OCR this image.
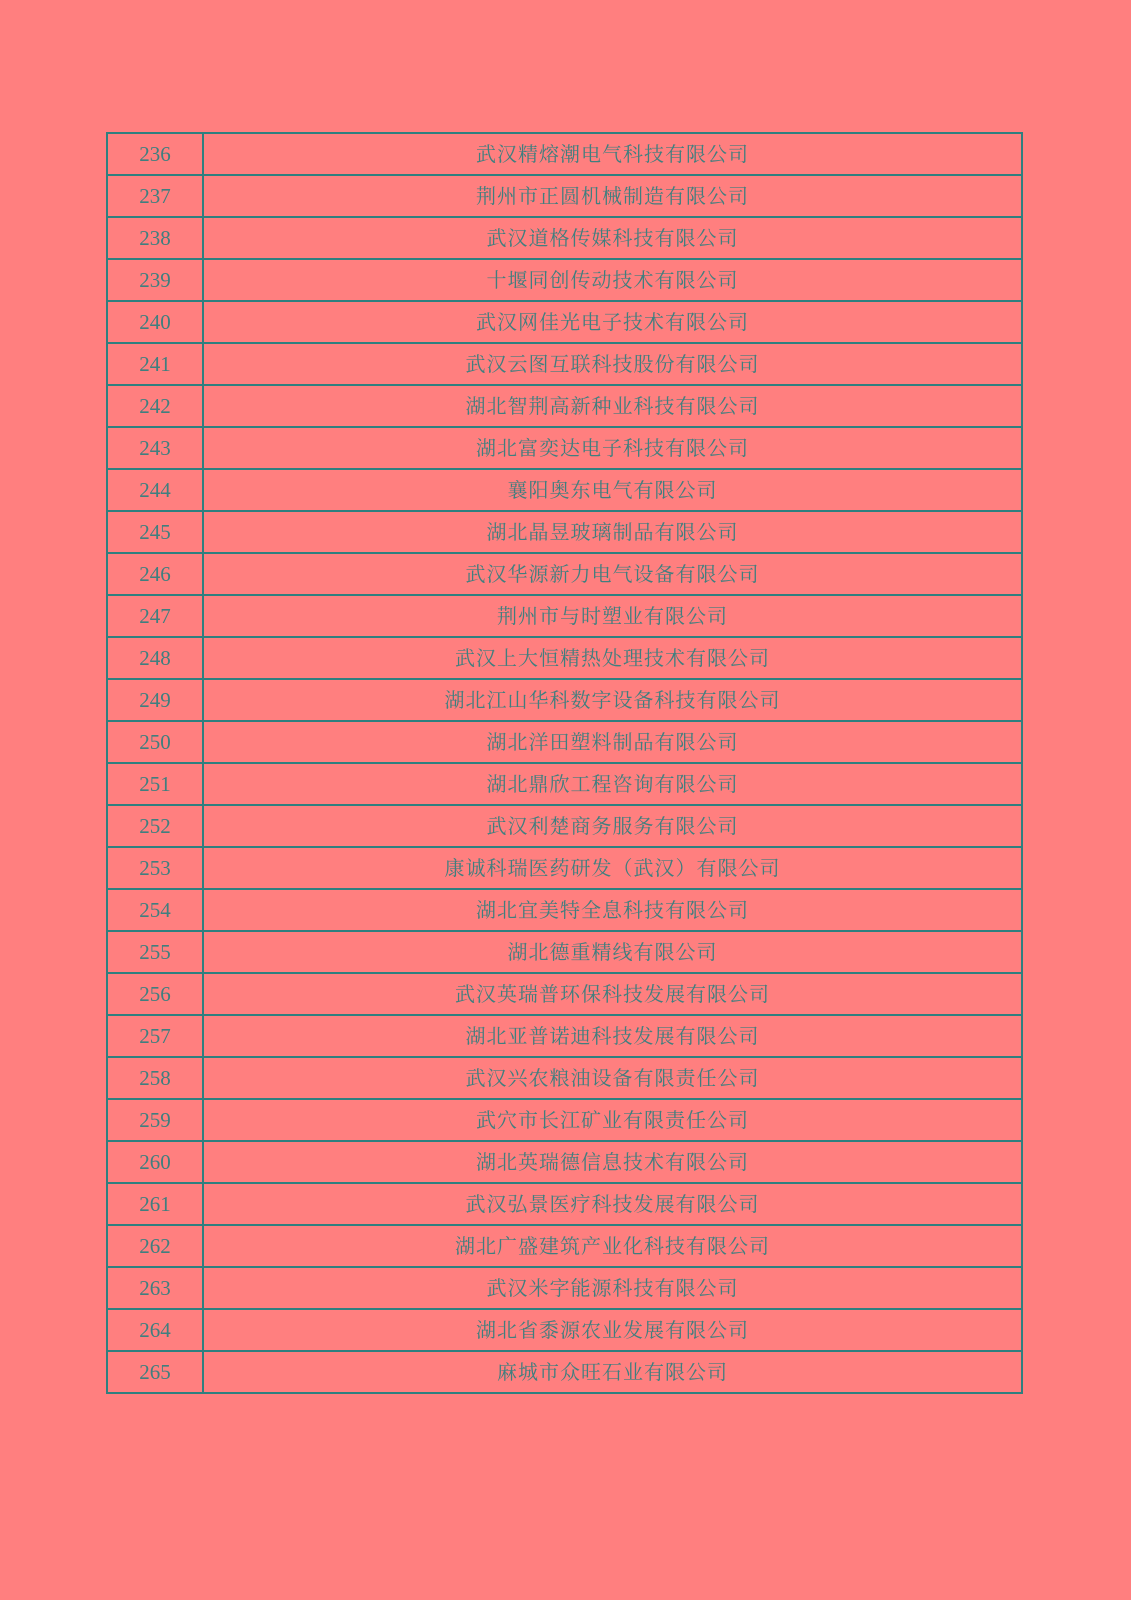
236	武汉精熔潮电气科技有限公司
237	荆州市正圆机械制造有限公司
238	武汉道格传媒科技有限公司
239	十堰同创传动技术有限公司
240	武汉网佳光电子技术有限公司
241	武汉云图互联科技股份有限公司
242	湖北智荆高新种业科技有限公司
243	湖北富奕达电子科技有限公司
244	襄阳奥东电气有限公司
245	湖北晶昱玻璃制品有限公司
246	武汉华源新力电气设备有限公司
247	荆州市与时塑业有限公司
248	武汉上大恒精热处理技术有限公司
249	湖北江山华科数字设备科技有限公司
250	湖北洋田塑料制品有限公司
251	湖北鼎欣工程咨询有限公司
252	武汉利楚商务服务有限公司
253	康诚科瑞医药研发（武汉）有限公司
254	湖北宜美特全息科技有限公司
255	湖北德重精线有限公司
256	武汉英瑞普环保科技发展有限公司
257	湖北亚普诺迪科技发展有限公司
258	武汉兴农粮油设备有限责任公司
259	武穴市长江矿业有限责任公司
260	湖北英瑞德信息技术有限公司
261	武汉弘景医疗科技发展有限公司
262	湖北广盛建筑产业化科技有限公司
263	武汉米字能源科技有限公司
264	湖北省黍源农业发展有限公司
265	麻城市众旺石业有限公司
